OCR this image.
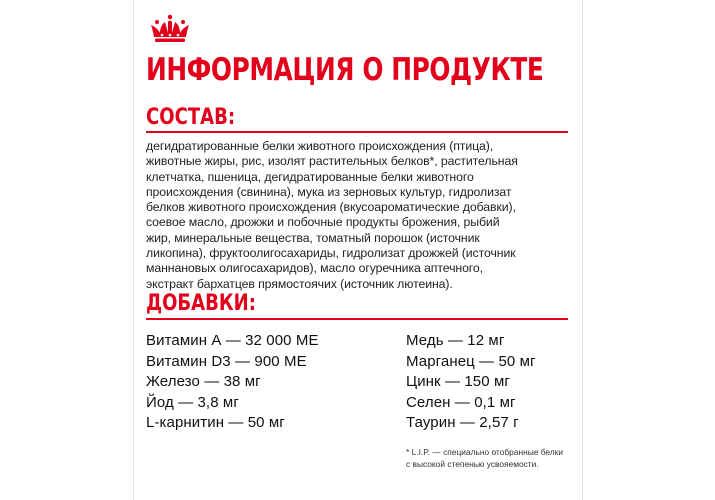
ИНФОРМАЦИЯ О ПРОДУКТЕ
СОСТАВ:
дегидратированные белки животного происхождения (птица),
животные жиры, рис, изолят растительных белков*, растительная
клетчатка, пшеница, дегидратированные белки животного
происхождения (свинина), мука из зерновых культур, гидролизат
белков животного происхождения (вкусоароматические добавки),
соевое масло, дрожжи и побочные продукты брожения, рыбий
жир, минеральные вещества, томатный порошок (источник
ликопина), фруктоолигосахариды, гидролизат дрожжей (источник
маннановых олигосахаридов), масло огуречника аптечного,
экстракт бархатцев прямостоячих (источник лютеина).
ДОБАВКИ:
Витамин А — 32 000 МЕ
Витамин D3 — 900 МЕ
Железо — 38 мг
Йод — 3,8 мг
L-карнитин — 50 мг
Медь — 12 мг
Марганец — 50 мг
Цинк — 150 мг
Селен — 0,1 мг
Таурин — 2,57 г
* L.I.P. — специально отобранные белки
с высокой степенью усвояемости.
